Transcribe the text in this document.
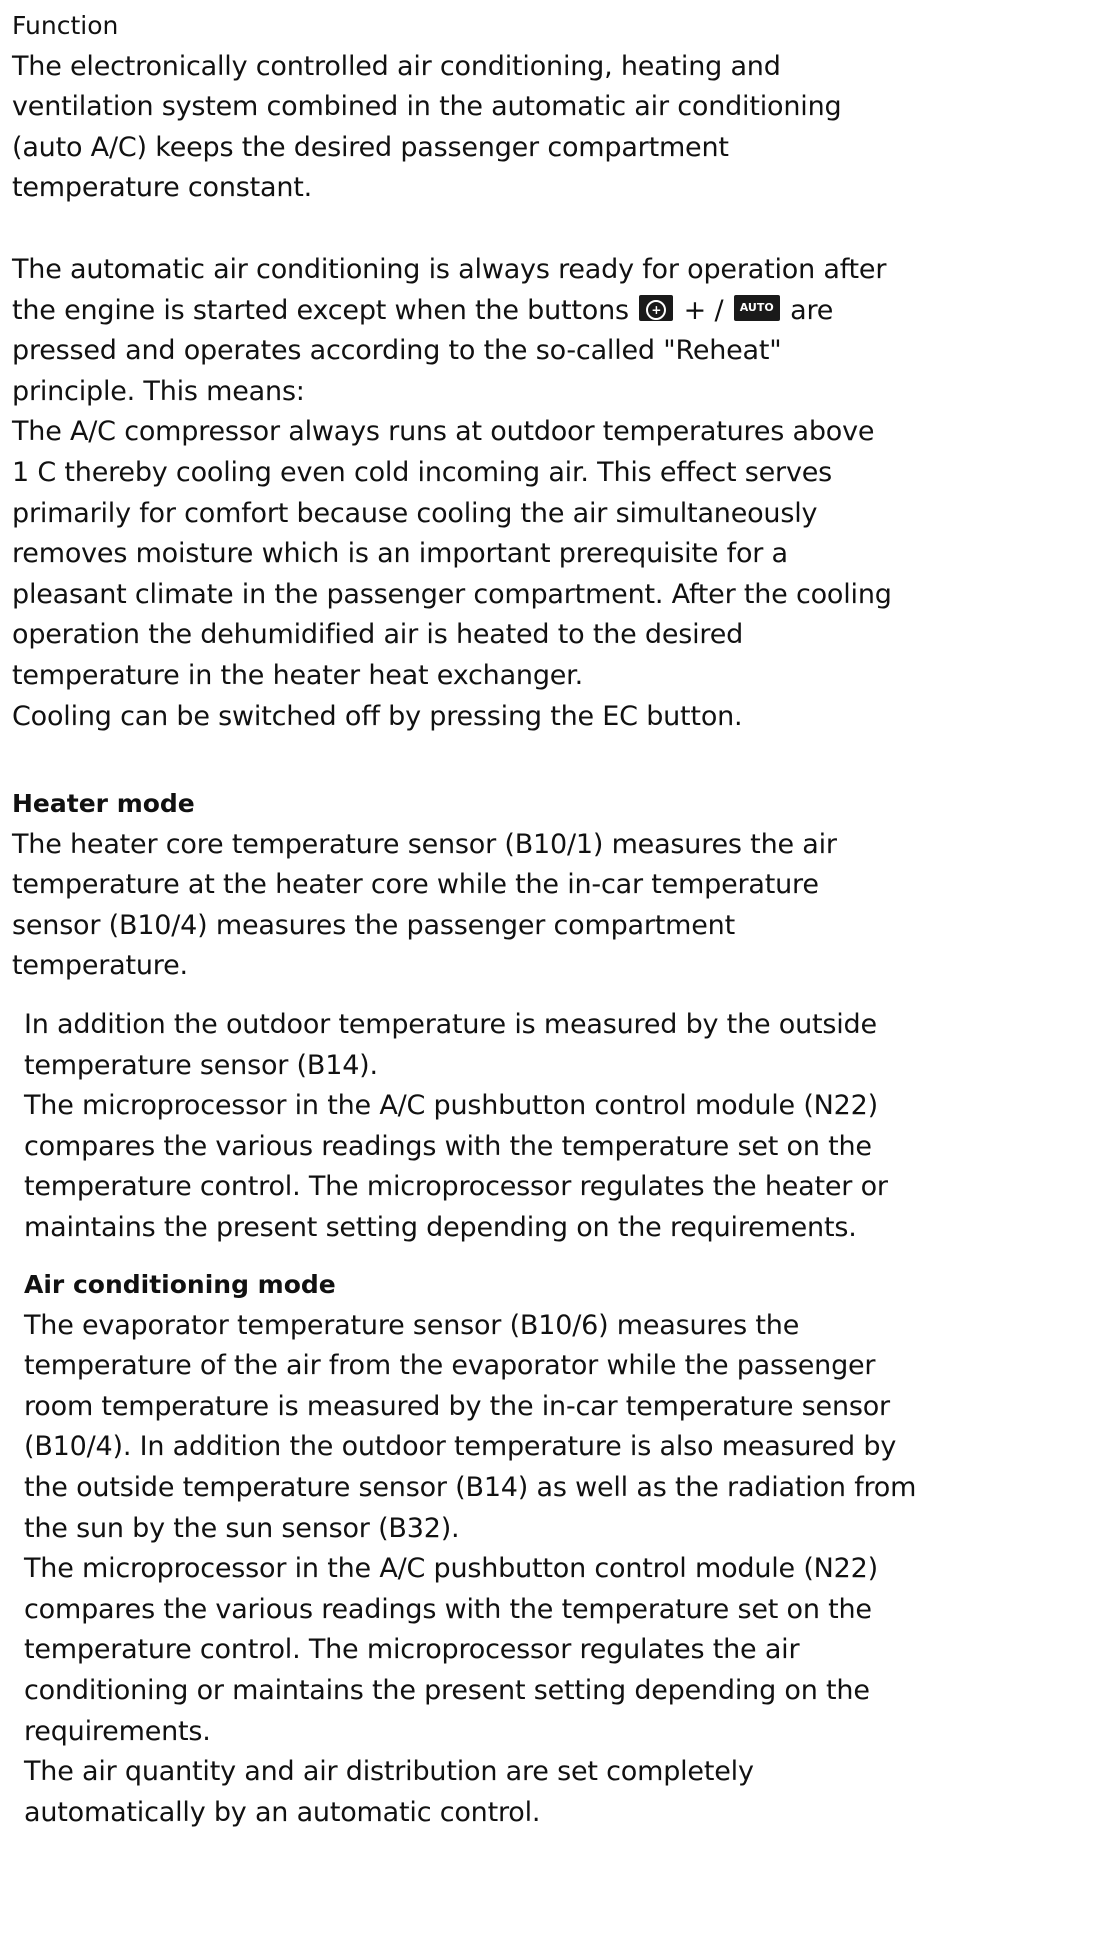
Function

The electronically controlled air conditioning, heating and
ventilation system combined in the automatic air conditioning
(auto A/C) keeps the desired passenger compartment
temperature constant.

The automatic air conditioning is always ready for operation after
the engine is started except when the buttons + + / AUTO are
pressed and operates according to the so-called "Reheat"
principle. This means:
The A/C compressor always runs at outdoor temperatures above
1 C thereby cooling even cold incoming air. This effect serves
primarily for comfort because cooling the air simultaneously
removes moisture which is an important prerequisite for a
pleasant climate in the passenger compartment. After the cooling
operation the dehumidified air is heated to the desired
temperature in the heater heat exchanger.
Cooling can be switched off by pressing the EC button.

Heater mode

The heater core temperature sensor (B10/1) measures the air
temperature at the heater core while the in-car temperature
sensor (B10/4) measures the passenger compartment
temperature.

In addition the outdoor temperature is measured by the outside
temperature sensor (B14).
The microprocessor in the A/C pushbutton control module (N22)
compares the various readings with the temperature set on the
temperature control. The microprocessor regulates the heater or
maintains the present setting depending on the requirements.

Air conditioning mode

The evaporator temperature sensor (B10/6) measures the
temperature of the air from the evaporator while the passenger
room temperature is measured by the in-car temperature sensor
(B10/4). In addition the outdoor temperature is also measured by
the outside temperature sensor (B14) as well as the radiation from
the sun by the sun sensor (B32).
The microprocessor in the A/C pushbutton control module (N22)
compares the various readings with the temperature set on the
temperature control. The microprocessor regulates the air
conditioning or maintains the present setting depending on the
requirements.
The air quantity and air distribution are set completely
automatically by an automatic control.
